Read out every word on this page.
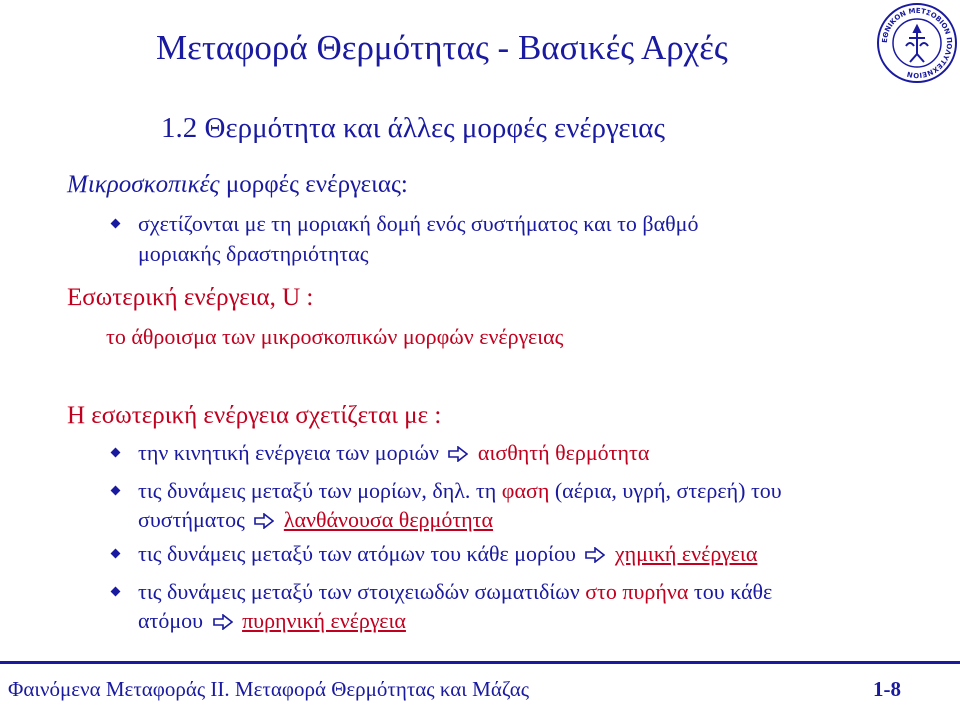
Μεταφορά Θερμότητας - Βασικές Αρχές
1.2 Θερμότητα και άλλες μορφές ενέργειας
ΕΘΝΙΚΟΝ ΜΕΤΣΟΒΙΟΝ ΠΟΛΥΤΕΧΝΕΙΟΝ
Μικροσκοπικές μορφές ενέργειας:
σχετίζονται με τη μοριακή δομή ενός συστήματος και το βαθμό
μοριακής δραστηριότητας
Εσωτερική ενέργεια, U :
το άθροισμα των μικροσκοπικών μορφών ενέργειας
Η εσωτερική ενέργεια σχετίζεται με :
την κινητική ενέργεια των μοριών αισθητή θερμότητα
τις δυνάμεις μεταξύ των μορίων, δηλ. τη φαση (αέρια, υγρή, στερεή) του
συστήματος λανθάνουσα θερμότητα
τις δυνάμεις μεταξύ των ατόμων του κάθε μορίου χημική ενέργεια
τις δυνάμεις μεταξύ των στοιχειωδών σωματιδίων στο πυρήνα του κάθε
ατόμου πυρηνική ενέργεια
Φαινόμενα Μεταφοράς ΙΙ. Μεταφορά Θερμότητας και Μάζας	1-8
